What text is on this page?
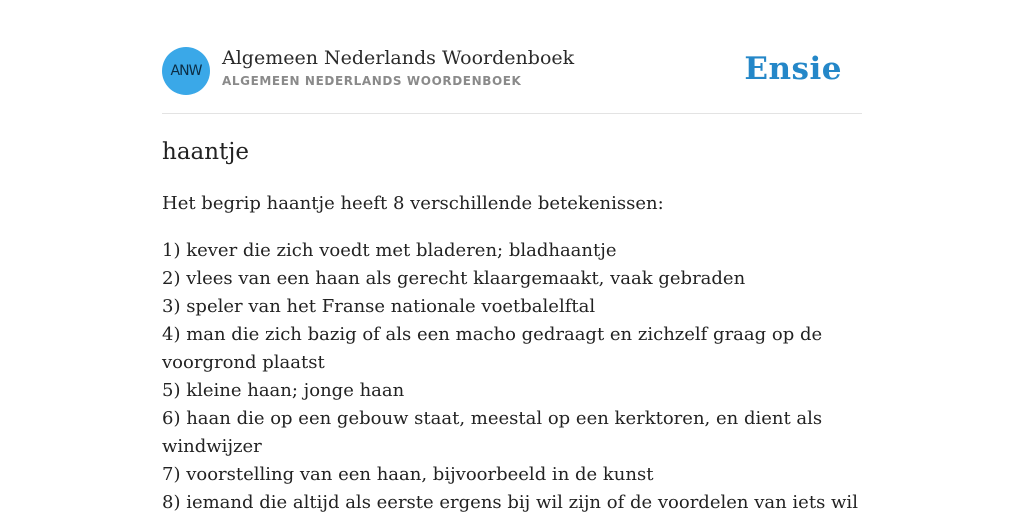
ANW
Algemeen Nederlands Woordenboek
ALGEMEEN NEDERLANDS WOORDENBOEK	Ensie
haantje

Het begrip haantje heeft 8 verschillende betekenissen:

1) kever die zich voedt met bladeren; bladhaantje
2) vlees van een haan als gerecht klaargemaakt, vaak gebraden
3) speler van het Franse nationale voetbalelftal
4) man die zich bazig of als een macho gedraagt en zichzelf graag op de voorgrond plaatst
5) kleine haan; jonge haan
6) haan die op een gebouw staat, meestal op een kerktoren, en dient als windwijzer
7) voorstelling van een haan, bijvoorbeeld in de kunst
8) iemand die altijd als eerste ergens bij wil zijn of de voordelen van iets wil
